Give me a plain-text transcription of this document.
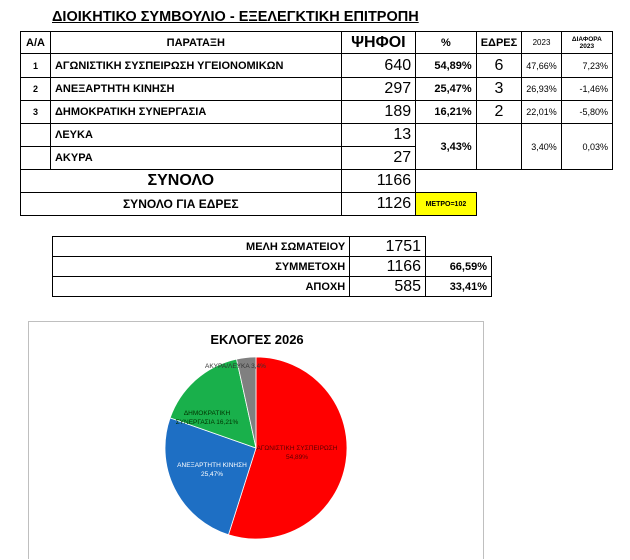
ΔΙΟΙΚΗΤΙΚΟ ΣΥΜΒΟΥΛΙΟ - ΕΞΕΛΕΓΚΤΙΚΗ ΕΠΙΤΡΟΠΗ
Α/Α	ΠΑΡΑΤΑΞΗ	ΨΗΦΟΙ	%	ΕΔΡΕΣ	2023	ΔΙΑΦΟΡΑ
2023
1	ΑΓΩΝΙΣΤΙΚΗ ΣΥΣΠΕΙΡΩΣΗ ΥΓΕΙΟΝΟΜΙΚΩΝ	640	54,89%	6	47,66%	7,23%
2	ΑΝΕΞΑΡΤΗΤΗ ΚΙΝΗΣΗ	297	25,47%	3	26,93%	-1,46%
3	ΔΗΜΟΚΡΑΤΙΚΗ ΣΥΝΕΡΓΑΣΙΑ	189	16,21%	2	22,01%	-5,80%
	ΛΕΥΚΑ	13	3,43%		3,40%	0,03%
	ΑΚΥΡΑ	27				
ΣΥΝΟΛΟ		1166				
ΣΥΝΟΛΟ ΓΙΑ ΕΔΡΕΣ		1126	ΜΕΤΡΟ=102			
ΜΕΛΗ ΣΩΜΑΤΕΙΟΥ	1751	
ΣΥΜΜΕΤΟΧΗ	1166	66,59%
ΑΠΟΧΗ	585	33,41%
ΕΚΛΟΓΕΣ 2026
ΑΓΩΝΙΣΤΙΚΗ ΣΥΣΠΕΙΡΩΣΗ 54,89%
ΑΝΕΞΑΡΤΗΤΗ ΚΙΝΗΣΗ 25,47%
ΔΗΜΟΚΡΑΤΙΚΗ ΣΥΝΕΡΓΑΣΙΑ 16,21%
ΑΚΥΡΑ/ΛΕΥΚΑ 3,4%
